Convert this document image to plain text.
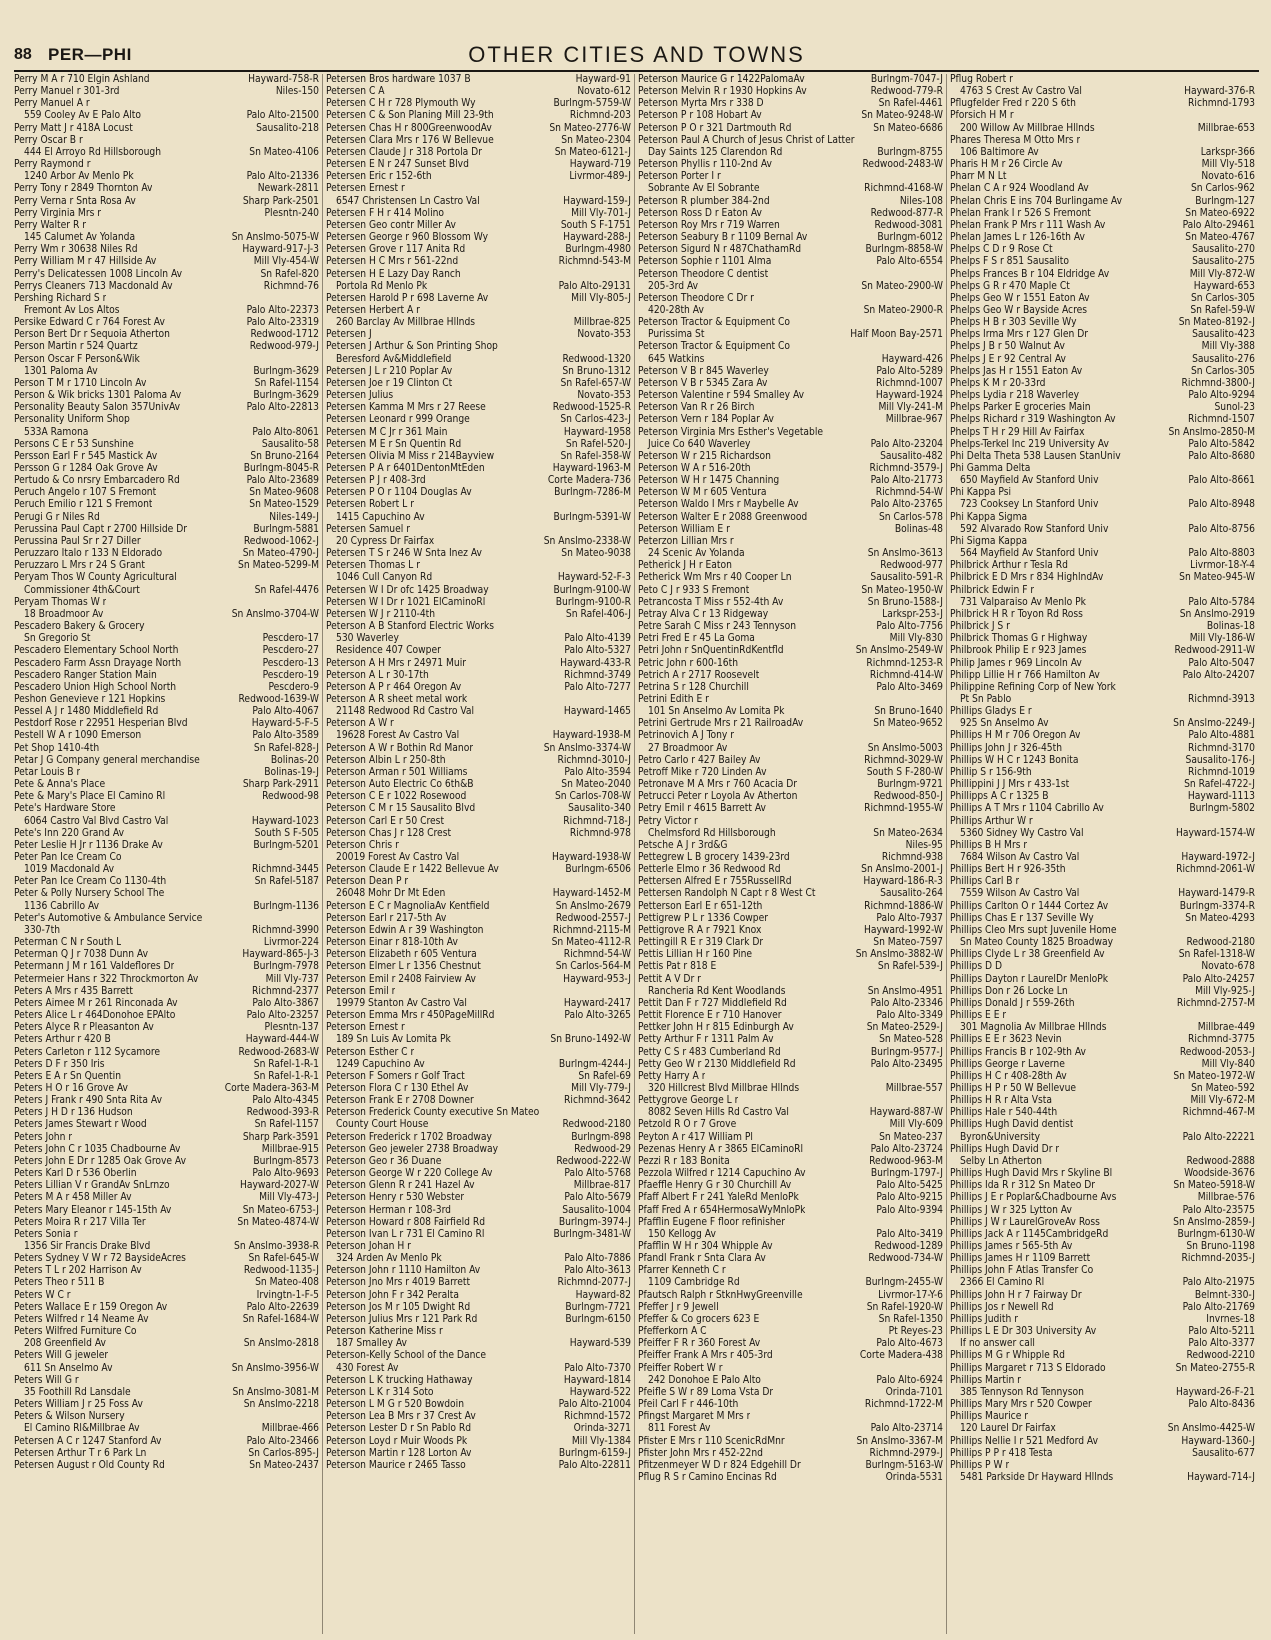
88 PER—PHI	OTHER CITIES AND TOWNS
Perry M A r 710 Elgin Ashland	Hayward-758-R
Perry Manuel r 301-3rd	Niles-150
Perry Manuel A r
559 Cooley Av E Palo Alto	Palo Alto-21500
Perry Matt J r 418A Locust	Sausalito-218
Perry Oscar B r
444 El Arroyo Rd Hillsborough	Sn Mateo-4106
Perry Raymond r
1240 Arbor Av Menlo Pk	Palo Alto-21336
Perry Tony r 2849 Thornton Av	Newark-2811
Perry Verna r Snta Rosa Av	Sharp Park-2501
Perry Virginia Mrs r	Plesntn-240
Perry Walter R r
145 Calumet Av Yolanda	Sn Anslmo-5075-W
Perry Wm r 30638 Niles Rd	Hayward-917-J-3
Perry William M r 47 Hillside Av	Mill Vly-454-W
Perry's Delicatessen 1008 Lincoln Av	Sn Rafel-820
Perrys Cleaners 713 Macdonald Av	Richmnd-76
Pershing Richard S r
Fremont Av Los Altos	Palo Alto-22373
Persike Edward C r 764 Forest Av	Palo Alto-23319
Person Bert Dr r Sequoia Atherton	Redwood-1712
Person Martin r 524 Quartz	Redwood-979-J
Person Oscar F Person&Wik
1301 Paloma Av	Burlngm-3629
Person T M r 1710 Lincoln Av	Sn Rafel-1154
Person & Wik bricks 1301 Paloma Av	Burlngm-3629
Personality Beauty Salon 357UnivAv	Palo Alto-22813
Personality Uniform Shop
533A Ramona	Palo Alto-8061
Persons C E r 53 Sunshine	Sausalito-58
Persson Earl F r 545 Mastick Av	Sn Bruno-2164
Persson G r 1284 Oak Grove Av	Burlngm-8045-R
Pertudo & Co nrsry Embarcadero Rd	Palo Alto-23689
Peruch Angelo r 107 S Fremont	Sn Mateo-9608
Peruch Emilio r 121 S Fremont	Sn Mateo-1529
Perugi G r Niles Rd	Niles-149-J
Perussina Paul Capt r 2700 Hillside Dr	Burlngm-5881
Perussina Paul Sr r 27 Diller	Redwood-1062-J
Peruzzaro Italo r 133 N Eldorado	Sn Mateo-4790-J
Peruzzaro L Mrs r 24 S Grant	Sn Mateo-5299-M
Peryam Thos W County Agricultural
Commissioner 4th&Court	Sn Rafel-4476
Peryam Thomas W r
18 Broadmoor Av	Sn Anslmo-3704-W
Pescadero Bakery & Grocery
Sn Gregorio St	Pescdero-17
Pescadero Elementary School North	Pescdero-27
Pescadero Farm Assn Drayage North	Pescdero-13
Pescadero Ranger Station Main	Pescdero-19
Pescadero Union High School North	Pescdero-9
Peshon Genevieve r 121 Hopkins	Redwood-1639-W
Pessel A J r 1480 Middlefield Rd	Palo Alto-4067
Pestdorf Rose r 22951 Hesperian Blvd	Hayward-5-F-5
Pestell W A r 1090 Emerson	Palo Alto-3589
Pet Shop 1410-4th	Sn Rafel-828-J
Petar J G Company general merchandise	Bolinas-20
Petar Louis B r	Bolinas-19-J
Pete & Anna's Place	Sharp Park-2911
Pete & Mary's Place El Camino Rl	Redwood-98
Pete's Hardware Store
6064 Castro Val Blvd Castro Val	Hayward-1023
Pete's Inn 220 Grand Av	South S F-505
Peter Leslie H Jr r 1136 Drake Av	Burlngm-5201
Peter Pan Ice Cream Co
1019 Macdonald Av	Richmnd-3445
Peter Pan Ice Cream Co 1130-4th	Sn Rafel-5187
Peter & Polly Nursery School The
1136 Cabrillo Av	Burlngm-1136
Peter's Automotive & Ambulance Service
330-7th	Richmnd-3990
Peterman C N r South L	Livrmor-224
Peterman Q J r 7038 Dunn Av	Hayward-865-J-3
Petermann J M r 161 Valdeflores Dr	Burlngm-7978
Petermeier Hans r 322 Throckmorton Av	Mill Vly-737
Peters A Mrs r 435 Barrett	Richmnd-2377
Peters Aimee M r 261 Rinconada Av	Palo Alto-3867
Peters Alice L r 464Donohoe EPAlto	Palo Alto-23257
Peters Alyce R r Pleasanton Av	Plesntn-137
Peters Arthur r 420 B	Hayward-444-W
Peters Carleton r 112 Sycamore	Redwood-2683-W
Peters D F r 350 Iris	Sn Rafel-1-R-1
Peters E A r Sn Quentin	Sn Rafel-1-R-1
Peters H O r 16 Grove Av	Corte Madera-363-M
Peters J Frank r 490 Snta Rita Av	Palo Alto-4345
Peters J H D r 136 Hudson	Redwood-393-R
Peters James Stewart r Wood	Sn Rafel-1157
Peters John r	Sharp Park-3591
Peters John C r 1035 Chadbourne Av	Millbrae-915
Peters John E Dr r 1285 Oak Grove Av	Burlngm-8573
Peters Karl D r 536 Oberlin	Palo Alto-9693
Peters Lillian V r GrandAv SnLrnzo	Hayward-2027-W
Peters M A r 458 Miller Av	Mill Vly-473-J
Peters Mary Eleanor r 145-15th Av	Sn Mateo-6753-J
Peters Moira R r 217 Villa Ter	Sn Mateo-4874-W
Peters Sonia r
1356 Sir Francis Drake Blvd	Sn Anslmo-3938-R
Peters Sydney V W r 72 BaysideAcres	Sn Rafel-645-W
Peters T L r 202 Harrison Av	Redwood-1135-J
Peters Theo r 511 B	Sn Mateo-408
Peters W C r	Irvingtn-1-F-5
Peters Wallace E r 159 Oregon Av	Palo Alto-22639
Peters Wilfred r 14 Neame Av	Sn Rafel-1684-W
Peters Wilfred Furniture Co
208 Greenfield Av	Sn Anslmo-2818
Peters Will G jeweler
611 Sn Anselmo Av	Sn Anslmo-3956-W
Peters Will G r
35 Foothill Rd Lansdale	Sn Anslmo-3081-M
Peters William J r 25 Foss Av	Sn Anslmo-2218
Peters & Wilson Nursery
El Camino Rl&Millbrae Av	Millbrae-466
Petersen A C r 1247 Stanford Av	Palo Alto-23466
Petersen Arthur T r 6 Park Ln	Sn Carlos-895-J
Petersen August r Old County Rd	Sn Mateo-2437
Petersen Bros hardware 1037 B	Hayward-91
Petersen C A	Novato-612
Petersen C H r 728 Plymouth Wy	Burlngm-5759-W
Petersen C & Son Planing Mill 23-9th	Richmnd-203
Petersen Chas H r 800GreenwoodAv	Sn Mateo-2776-W
Petersen Clara Mrs r 176 W Bellevue	Sn Mateo-2304
Petersen Claude J r 318 Portola Dr	Sn Mateo-6121-J
Petersen E N r 247 Sunset Blvd	Hayward-719
Petersen Eric r 152-6th	Livrmor-489-J
Petersen Ernest r
6547 Christensen Ln Castro Val	Hayward-159-J
Petersen F H r 414 Molino	Mill Vly-701-J
Petersen Geo contr Miller Av	South S F-1751
Petersen George r 960 Blossom Wy	Hayward-288-J
Petersen Grove r 117 Anita Rd	Burlngm-4980
Petersen H C Mrs r 561-22nd	Richmnd-543-M
Petersen H E Lazy Day Ranch
Portola Rd Menlo Pk	Palo Alto-29131
Petersen Harold P r 698 Laverne Av	Mill Vly-805-J
Petersen Herbert A r
260 Barclay Av Millbrae Hllnds	Millbrae-825
Petersen J	Novato-353
Petersen J Arthur & Son Printing Shop
Beresford Av&Middlefield	Redwood-1320
Petersen J L r 210 Poplar Av	Sn Bruno-1312
Petersen Joe r 19 Clinton Ct	Sn Rafel-657-W
Petersen Julius	Novato-353
Petersen Kamma M Mrs r 27 Reese	Redwood-1525-R
Petersen Leonard r 999 Orange	Sn Carlos-423-J
Petersen M C Jr r 361 Main	Hayward-1958
Petersen M E r Sn Quentin Rd	Sn Rafel-520-J
Petersen Olivia M Miss r 214Bayview	Sn Rafel-358-W
Petersen P A r 6401DentonMtEden	Hayward-1963-M
Petersen P J r 408-3rd	Corte Madera-736
Petersen P O r 1104 Douglas Av	Burlngm-7286-M
Petersen Robert L r
1415 Capuchino Av	Burlngm-5391-W
Petersen Samuel r
20 Cypress Dr Fairfax	Sn Anslmo-2338-W
Petersen T S r 246 W Snta Inez Av	Sn Mateo-9038
Petersen Thomas L r
1046 Cull Canyon Rd	Hayward-52-F-3
Petersen W I Dr ofc 1425 Broadway	Burlngm-9100-W
Petersen W I Dr r 1021 ElCaminoRl	Burlngm-9100-R
Petersen W J r 2110-4th	Sn Rafel-406-J
Peterson A B Stanford Electric Works
530 Waverley	Palo Alto-4139
Residence 407 Cowper	Palo Alto-5327
Peterson A H Mrs r 24971 Muir	Hayward-433-R
Peterson A L r 30-17th	Richmnd-3749
Peterson A P r 464 Oregon Av	Palo Alto-7277
Peterson A R sheet metal work
21148 Redwood Rd Castro Val	Hayward-1465
Peterson A W r
19628 Forest Av Castro Val	Hayward-1938-M
Peterson A W r Bothin Rd Manor	Sn Anslmo-3374-W
Peterson Albin L r 250-8th	Richmnd-3010-J
Peterson Arman r 501 Williams	Palo Alto-3594
Peterson Auto Electric Co 6th&B	Sn Mateo-2040
Peterson C E r 1022 Rosewood	Sn Carlos-708-W
Peterson C M r 15 Sausalito Blvd	Sausalito-340
Peterson Carl E r 50 Crest	Richmnd-718-J
Peterson Chas J r 128 Crest	Richmnd-978
Peterson Chris r
20019 Forest Av Castro Val	Hayward-1938-W
Peterson Claude E r 1422 Bellevue Av	Burlngm-6506
Peterson Dean P r
26048 Mohr Dr Mt Eden	Hayward-1452-M
Peterson E C r MagnoliaAv Kentfield	Sn Anslmo-2679
Peterson Earl r 217-5th Av	Redwood-2557-J
Peterson Edwin A r 39 Washington	Richmnd-2115-M
Peterson Einar r 818-10th Av	Sn Mateo-4112-R
Peterson Elizabeth r 605 Ventura	Richmnd-54-W
Peterson Elmer L r 1356 Chestnut	Sn Carlos-564-M
Peterson Emil r 2408 Fairview Av	Hayward-953-J
Peterson Emil r
19979 Stanton Av Castro Val	Hayward-2417
Peterson Emma Mrs r 450PageMillRd	Palo Alto-3265
Peterson Ernest r
189 Sn Luis Av Lomita Pk	Sn Bruno-1492-W
Peterson Esther C r
1249 Capuchino Av	Burlngm-4244-J
Peterson F Somers r Golf Tract	Sn Rafel-69
Peterson Flora C r 130 Ethel Av	Mill Vly-779-J
Peterson Frank E r 2708 Downer	Richmnd-3642
Peterson Frederick County executive Sn Mateo
County Court House	Redwood-2180
Peterson Frederick r 1702 Broadway	Burlngm-898
Peterson Geo jeweler 2738 Broadway	Redwood-29
Peterson Geo r 36 Duane	Redwood-222-W
Peterson George W r 220 College Av	Palo Alto-5768
Peterson Glenn R r 241 Hazel Av	Millbrae-817
Peterson Henry r 530 Webster	Palo Alto-5679
Peterson Herman r 108-3rd	Sausalito-1004
Peterson Howard r 808 Fairfield Rd	Burlngm-3974-J
Peterson Ivan L r 731 El Camino Rl	Burlngm-3481-W
Peterson Johan H r
324 Arden Av Menlo Pk	Palo Alto-7886
Peterson John r 1110 Hamilton Av	Palo Alto-3613
Peterson Jno Mrs r 4019 Barrett	Richmnd-2077-J
Peterson John F r 342 Peralta	Hayward-82
Peterson Jos M r 105 Dwight Rd	Burlngm-7721
Peterson Julius Mrs r 121 Park Rd	Burlngm-6150
Peterson Katherine Miss r
187 Smalley Av	Hayward-539
Peterson-Kelly School of the Dance
430 Forest Av	Palo Alto-7370
Peterson L K trucking Hathaway	Hayward-1814
Peterson L K r 314 Soto	Hayward-522
Peterson L M G r 520 Bowdoin	Palo Alto-21004
Peterson Lea B Mrs r 37 Crest Av	Richmnd-1572
Peterson Lester D r Sn Pablo Rd	Orinda-3271
Peterson Loyd r Muir Woods Pk	Mill Vly-1384
Peterson Martin r 128 Lorton Av	Burlngm-6159-J
Peterson Maurice r 2465 Tasso	Palo Alto-22811
Peterson Maurice G r 1422PalomaAv	Burlngm-7047-J
Peterson Melvin R r 1930 Hopkins Av	Redwood-779-R
Peterson Myrta Mrs r 338 D	Sn Rafel-4461
Peterson P r 108 Hobart Av	Sn Mateo-9248-W
Peterson P O r 321 Dartmouth Rd	Sn Mateo-6686
Peterson Paul A Church of Jesus Christ of Latter
Day Saints 125 Clarendon Rd	Burlngm-8755
Peterson Phyllis r 110-2nd Av	Redwood-2483-W
Peterson Porter I r
Sobrante Av El Sobrante	Richmnd-4168-W
Peterson R plumber 384-2nd	Niles-108
Peterson Ross D r Eaton Av	Redwood-877-R
Peterson Roy Mrs r 719 Warren	Redwood-3081
Peterson Seabury B r 1109 Bernal Av	Burlngm-6012
Peterson Sigurd N r 487ChathamRd	Burlngm-8858-W
Peterson Sophie r 1101 Alma	Palo Alto-6554
Peterson Theodore C dentist
205-3rd Av	Sn Mateo-2900-W
Peterson Theodore C Dr r
420-28th Av	Sn Mateo-2900-R
Peterson Tractor & Equipment Co
Purissima St	Half Moon Bay-2571
Peterson Tractor & Equipment Co
645 Watkins	Hayward-426
Peterson V B r 845 Waverley	Palo Alto-5289
Peterson V B r 5345 Zara Av	Richmnd-1007
Peterson Valentine r 594 Smalley Av	Hayward-1924
Peterson Van R r 26 Birch	Mill Vly-241-M
Peterson Vern r 184 Poplar Av	Millbrae-967
Peterson Virginia Mrs Esther's Vegetable
Juice Co 640 Waverley	Palo Alto-23204
Peterson W r 215 Richardson	Sausalito-482
Peterson W A r 516-20th	Richmnd-3579-J
Peterson W H r 1475 Channing	Palo Alto-21773
Peterson W M r 605 Ventura	Richmnd-54-W
Peterson Waldo I Mrs r Maybelle Av	Palo Alto-23765
Peterson Walter E r 2088 Greenwood	Sn Carlos-578
Peterson William E r	Bolinas-48
Peterzon Lillian Mrs r
24 Scenic Av Yolanda	Sn Anslmo-3613
Petherick J H r Eaton	Redwood-977
Petherick Wm Mrs r 40 Cooper Ln	Sausalito-591-R
Peto C J r 933 S Fremont	Sn Mateo-1950-W
Petrancosta T Miss r 552-4th Av	Sn Bruno-1588-J
Petray Alva C r 13 Ridgeway	Larkspr-253-J
Petre Sarah C Miss r 243 Tennyson	Palo Alto-7756
Petri Fred E r 45 La Goma	Mill Vly-830
Petri John r SnQuentinRdKentfld	Sn Anslmo-2549-W
Petric John r 600-16th	Richmnd-1253-R
Petrich A r 2717 Roosevelt	Richmnd-414-W
Petrina S r 128 Churchill	Palo Alto-3469
Petrini Edith E r
101 Sn Anselmo Av Lomita Pk	Sn Bruno-1640
Petrini Gertrude Mrs r 21 RailroadAv	Sn Mateo-9652
Petrinovich A J Tony r
27 Broadmoor Av	Sn Anslmo-5003
Petro Carlo r 427 Bailey Av	Richmnd-3029-W
Petroff Mike r 720 Linden Av	South S F-280-W
Petronave M A Mrs r 760 Acacia Dr	Burlngm-9721
Petrucci Peter r Loyola Av Atherton	Redwood-850-J
Petry Emil r 4615 Barrett Av	Richmnd-1955-W
Petry Victor r
Chelmsford Rd Hillsborough	Sn Mateo-2634
Petsche A J r 3rd&G	Niles-95
Pettegrew L B grocery 1439-23rd	Richmnd-938
Petterle Elmo r 36 Redwood Rd	Sn Anslmo-2001-J
Pettersen Alfred E r 755RussellRd	Hayward-186-R-3
Pettersen Randolph N Capt r 8 West Ct	Sausalito-264
Petterson Earl E r 651-12th	Richmnd-1886-W
Pettigrew P L r 1336 Cowper	Palo Alto-7937
Pettigrove R A r 7921 Knox	Hayward-1992-W
Pettingill R E r 319 Clark Dr	Sn Mateo-7597
Pettis Lillian H r 160 Pine	Sn Anslmo-3882-W
Pettis Pat r 818 E	Sn Rafel-539-J
Pettit A V Dr r
Rancheria Rd Kent Woodlands	Sn Anslmo-4951
Pettit Dan F r 727 Middlefield Rd	Palo Alto-23346
Pettit Florence E r 710 Hanover	Palo Alto-3349
Pettker John H r 815 Edinburgh Av	Sn Mateo-2529-J
Petty Arthur F r 1311 Palm Av	Sn Mateo-528
Petty C S r 483 Cumberland Rd	Burlngm-9577-J
Petty Geo W r 2130 Middlefield Rd	Palo Alto-23495
Petty Harry A r
320 Hillcrest Blvd Millbrae Hllnds	Millbrae-557
Pettygrove George L r
8082 Seven Hills Rd Castro Val	Hayward-887-W
Petzold R O r 7 Grove	Mill Vly-609
Peyton A r 417 William Pl	Sn Mateo-237
Pezenas Henry A r 3865 ElCaminoRl	Palo Alto-23724
Pezzi R r 183 Bonita	Redwood-963-M
Pezzola Wilfred r 1214 Capuchino Av	Burlngm-1797-J
Pfaeffle Henry G r 30 Churchill Av	Palo Alto-5425
Pfaff Albert F r 241 YaleRd MenloPk	Palo Alto-9215
Pfaff Fred A r 654HermosaWyMnloPk	Palo Alto-9394
Pfafflin Eugene F floor refinisher
150 Kellogg Av	Palo Alto-3419
Pfafflin W H r 304 Whipple Av	Redwood-1289
Pfandl Frank r Snta Clara Av	Redwood-734-W
Pfarrer Kenneth C r
1109 Cambridge Rd	Burlngm-2455-W
Pfautsch Ralph r StknHwyGreenville	Livrmor-17-Y-6
Pfeffer J r 9 Jewell	Sn Rafel-1920-W
Pfeffer & Co grocers 623 E	Sn Rafel-1350
Pfefferkorn A C	Pt Reyes-23
Pfeiffer F R r 360 Forest Av	Palo Alto-4673
Pfeiffer Frank A Mrs r 405-3rd	Corte Madera-438
Pfeiffer Robert W r
242 Donohoe E Palo Alto	Palo Alto-6924
Pfeifle S W r 89 Loma Vsta Dr	Orinda-7101
Pfeil Carl F r 446-10th	Richmnd-1722-M
Pfingst Margaret M Mrs r
811 Forest Av	Palo Alto-23714
Pfister E Mrs r 110 ScenicRdMnr	Sn Anslmo-3367-M
Pfister John Mrs r 452-22nd	Richmnd-2979-J
Pfitzenmeyer W D r 824 Edgehill Dr	Burlngm-5163-W
Pflug R S r Camino Encinas Rd	Orinda-5531
Pflug Robert r
4763 S Crest Av Castro Val	Hayward-376-R
Pflugfelder Fred r 220 S 6th	Richmnd-1793
Pforsich H M r
200 Willow Av Millbrae Hllnds	Millbrae-653
Phares Theresa M Otto Mrs r
106 Baltimore Av	Larkspr-366
Pharis H M r 26 Circle Av	Mill Vly-518
Pharr M N Lt	Novato-616
Phelan C A r 924 Woodland Av	Sn Carlos-962
Phelan Chris E ins 704 Burlingame Av	Burlngm-127
Phelan Frank I r 526 S Fremont	Sn Mateo-6922
Phelan Frank P Mrs r 111 Wash Av	Palo Alto-29461
Phelan James L r 126-16th Av	Sn Mateo-4767
Phelps C D r 9 Rose Ct	Sausalito-270
Phelps F S r 851 Sausalito	Sausalito-275
Phelps Frances B r 104 Eldridge Av	Mill Vly-872-W
Phelps G R r 470 Maple Ct	Hayward-653
Phelps Geo W r 1551 Eaton Av	Sn Carlos-305
Phelps Geo W r Bayside Acres	Sn Rafel-59-W
Phelps H B r 303 Seville Wy	Sn Mateo-8192-J
Phelps Irma Mrs r 127 Glen Dr	Sausalito-423
Phelps J B r 50 Walnut Av	Mill Vly-388
Phelps J E r 92 Central Av	Sausalito-276
Phelps Jas H r 1551 Eaton Av	Sn Carlos-305
Phelps K M r 20-33rd	Richmnd-3800-J
Phelps Lydia r 218 Waverley	Palo Alto-9294
Phelps Parker E groceries Main	Sunol-23
Phelps Richard r 319 Washington Av	Richmnd-1507
Phelps T H r 29 Hill Av Fairfax	Sn Anslmo-2850-M
Phelps-Terkel Inc 219 University Av	Palo Alto-5842
Phi Delta Theta 538 Lausen StanUniv	Palo Alto-8680
Phi Gamma Delta
650 Mayfield Av Stanford Univ	Palo Alto-8661
Phi Kappa Psi
723 Cooksey Ln Stanford Univ	Palo Alto-8948
Phi Kappa Sigma
592 Alvarado Row Stanford Univ	Palo Alto-8756
Phi Sigma Kappa
564 Mayfield Av Stanford Univ	Palo Alto-8803
Philbrick Arthur r Tesla Rd	Livrmor-18-Y-4
Philbrick E D Mrs r 834 HighlndAv	Sn Mateo-945-W
Philbrick Edwin F r
731 Valparaiso Av Menlo Pk	Palo Alto-5784
Philbrick H R r Toyon Rd Ross	Sn Anslmo-2919
Philbrick J S r	Bolinas-18
Philbrick Thomas G r Highway	Mill Vly-186-W
Philbrook Philip E r 923 James	Redwood-2911-W
Philip James r 969 Lincoln Av	Palo Alto-5047
Philipp Lillie H r 766 Hamilton Av	Palo Alto-24207
Philippine Refining Corp of New York
Pt Sn Pablo	Richmnd-3913
Phillips Gladys E r
925 Sn Anselmo Av	Sn Anslmo-2249-J
Phillips H M r 706 Oregon Av	Palo Alto-4881
Phillips John J r 326-45th	Richmnd-3170
Phillips W H C r 1243 Bonita	Sausalito-176-J
Phillip S r 156-9th	Richmnd-1019
Phillippini J J Mrs r 433-1st	Sn Rafel-4722-J
Phillipps A C r 1325 B	Hayward-1113
Phillips A T Mrs r 1104 Cabrillo Av	Burlngm-5802
Phillips Arthur W r
5360 Sidney Wy Castro Val	Hayward-1574-W
Phillips B H Mrs r
7684 Wilson Av Castro Val	Hayward-1972-J
Phillips Bert H r 926-35th	Richmnd-2061-W
Phillips Carl B r
7559 Wilson Av Castro Val	Hayward-1479-R
Phillips Carlton O r 1444 Cortez Av	Burlngm-3374-R
Phillips Chas E r 137 Seville Wy	Sn Mateo-4293
Phillips Cleo Mrs supt Juvenile Home
Sn Mateo County 1825 Broadway	Redwood-2180
Phillips Clyde L r 38 Greenfield Av	Sn Rafel-1318-W
Phillips D D	Novato-678
Phillips Dayton r LaurelDr MenloPk	Palo Alto-24257
Phillips Don r 26 Locke Ln	Mill Vly-925-J
Phillips Donald J r 559-26th	Richmnd-2757-M
Phillips E E r
301 Magnolia Av Millbrae Hllnds	Millbrae-449
Phillips E E r 3623 Nevin	Richmnd-3775
Phillips Francis B r 102-9th Av	Redwood-2053-J
Phillips George r Laverne	Mill Vly-840
Phillips H C r 408-28th Av	Sn Mateo-1972-W
Phillips H P r 50 W Bellevue	Sn Mateo-592
Phillips H R r Alta Vsta	Mill Vly-672-M
Phillips Hale r 540-44th	Richmnd-467-M
Phillips Hugh David dentist
Byron&University	Palo Alto-22221
Phillips Hugh David Dr r
Selby Ln Atherton	Redwood-2888
Phillips Hugh David Mrs r Skyline Bl	Woodside-3676
Phillips Ida R r 312 Sn Mateo Dr	Sn Mateo-5918-W
Phillips J E r Poplar&Chadbourne Avs	Millbrae-576
Phillips J W r 325 Lytton Av	Palo Alto-23575
Phillips J W r LaurelGroveAv Ross	Sn Anslmo-2859-J
Phillips Jack A r 1145CambridgeRd	Burlngm-6130-W
Phillips James r 565-5th Av	Sn Bruno-1198
Phillips James H r 1109 Barrett	Richmnd-2035-J
Phillips John F Atlas Transfer Co
2366 El Camino Rl	Palo Alto-21975
Phillips John H r 7 Fairway Dr	Belmnt-330-J
Phillips Jos r Newell Rd	Palo Alto-21769
Phillips Judith r	Invrnes-18
Phillips L E Dr 303 University Av	Palo Alto-5211
If no answer call	Palo Alto-3377
Phillips M G r Whipple Rd	Redwood-2210
Phillips Margaret r 713 S Eldorado	Sn Mateo-2755-R
Phillips Martin r
385 Tennyson Rd Tennyson	Hayward-26-F-21
Phillips Mary Mrs r 520 Cowper	Palo Alto-8436
Phillips Maurice r
120 Laurel Dr Fairfax	Sn Anslmo-4425-W
Phillips Nellie I r 521 Medford Av	Hayward-1360-J
Phillips P P r 418 Testa	Sausalito-677
Phillips P W r
5481 Parkside Dr Hayward Hllnds	Hayward-714-J
